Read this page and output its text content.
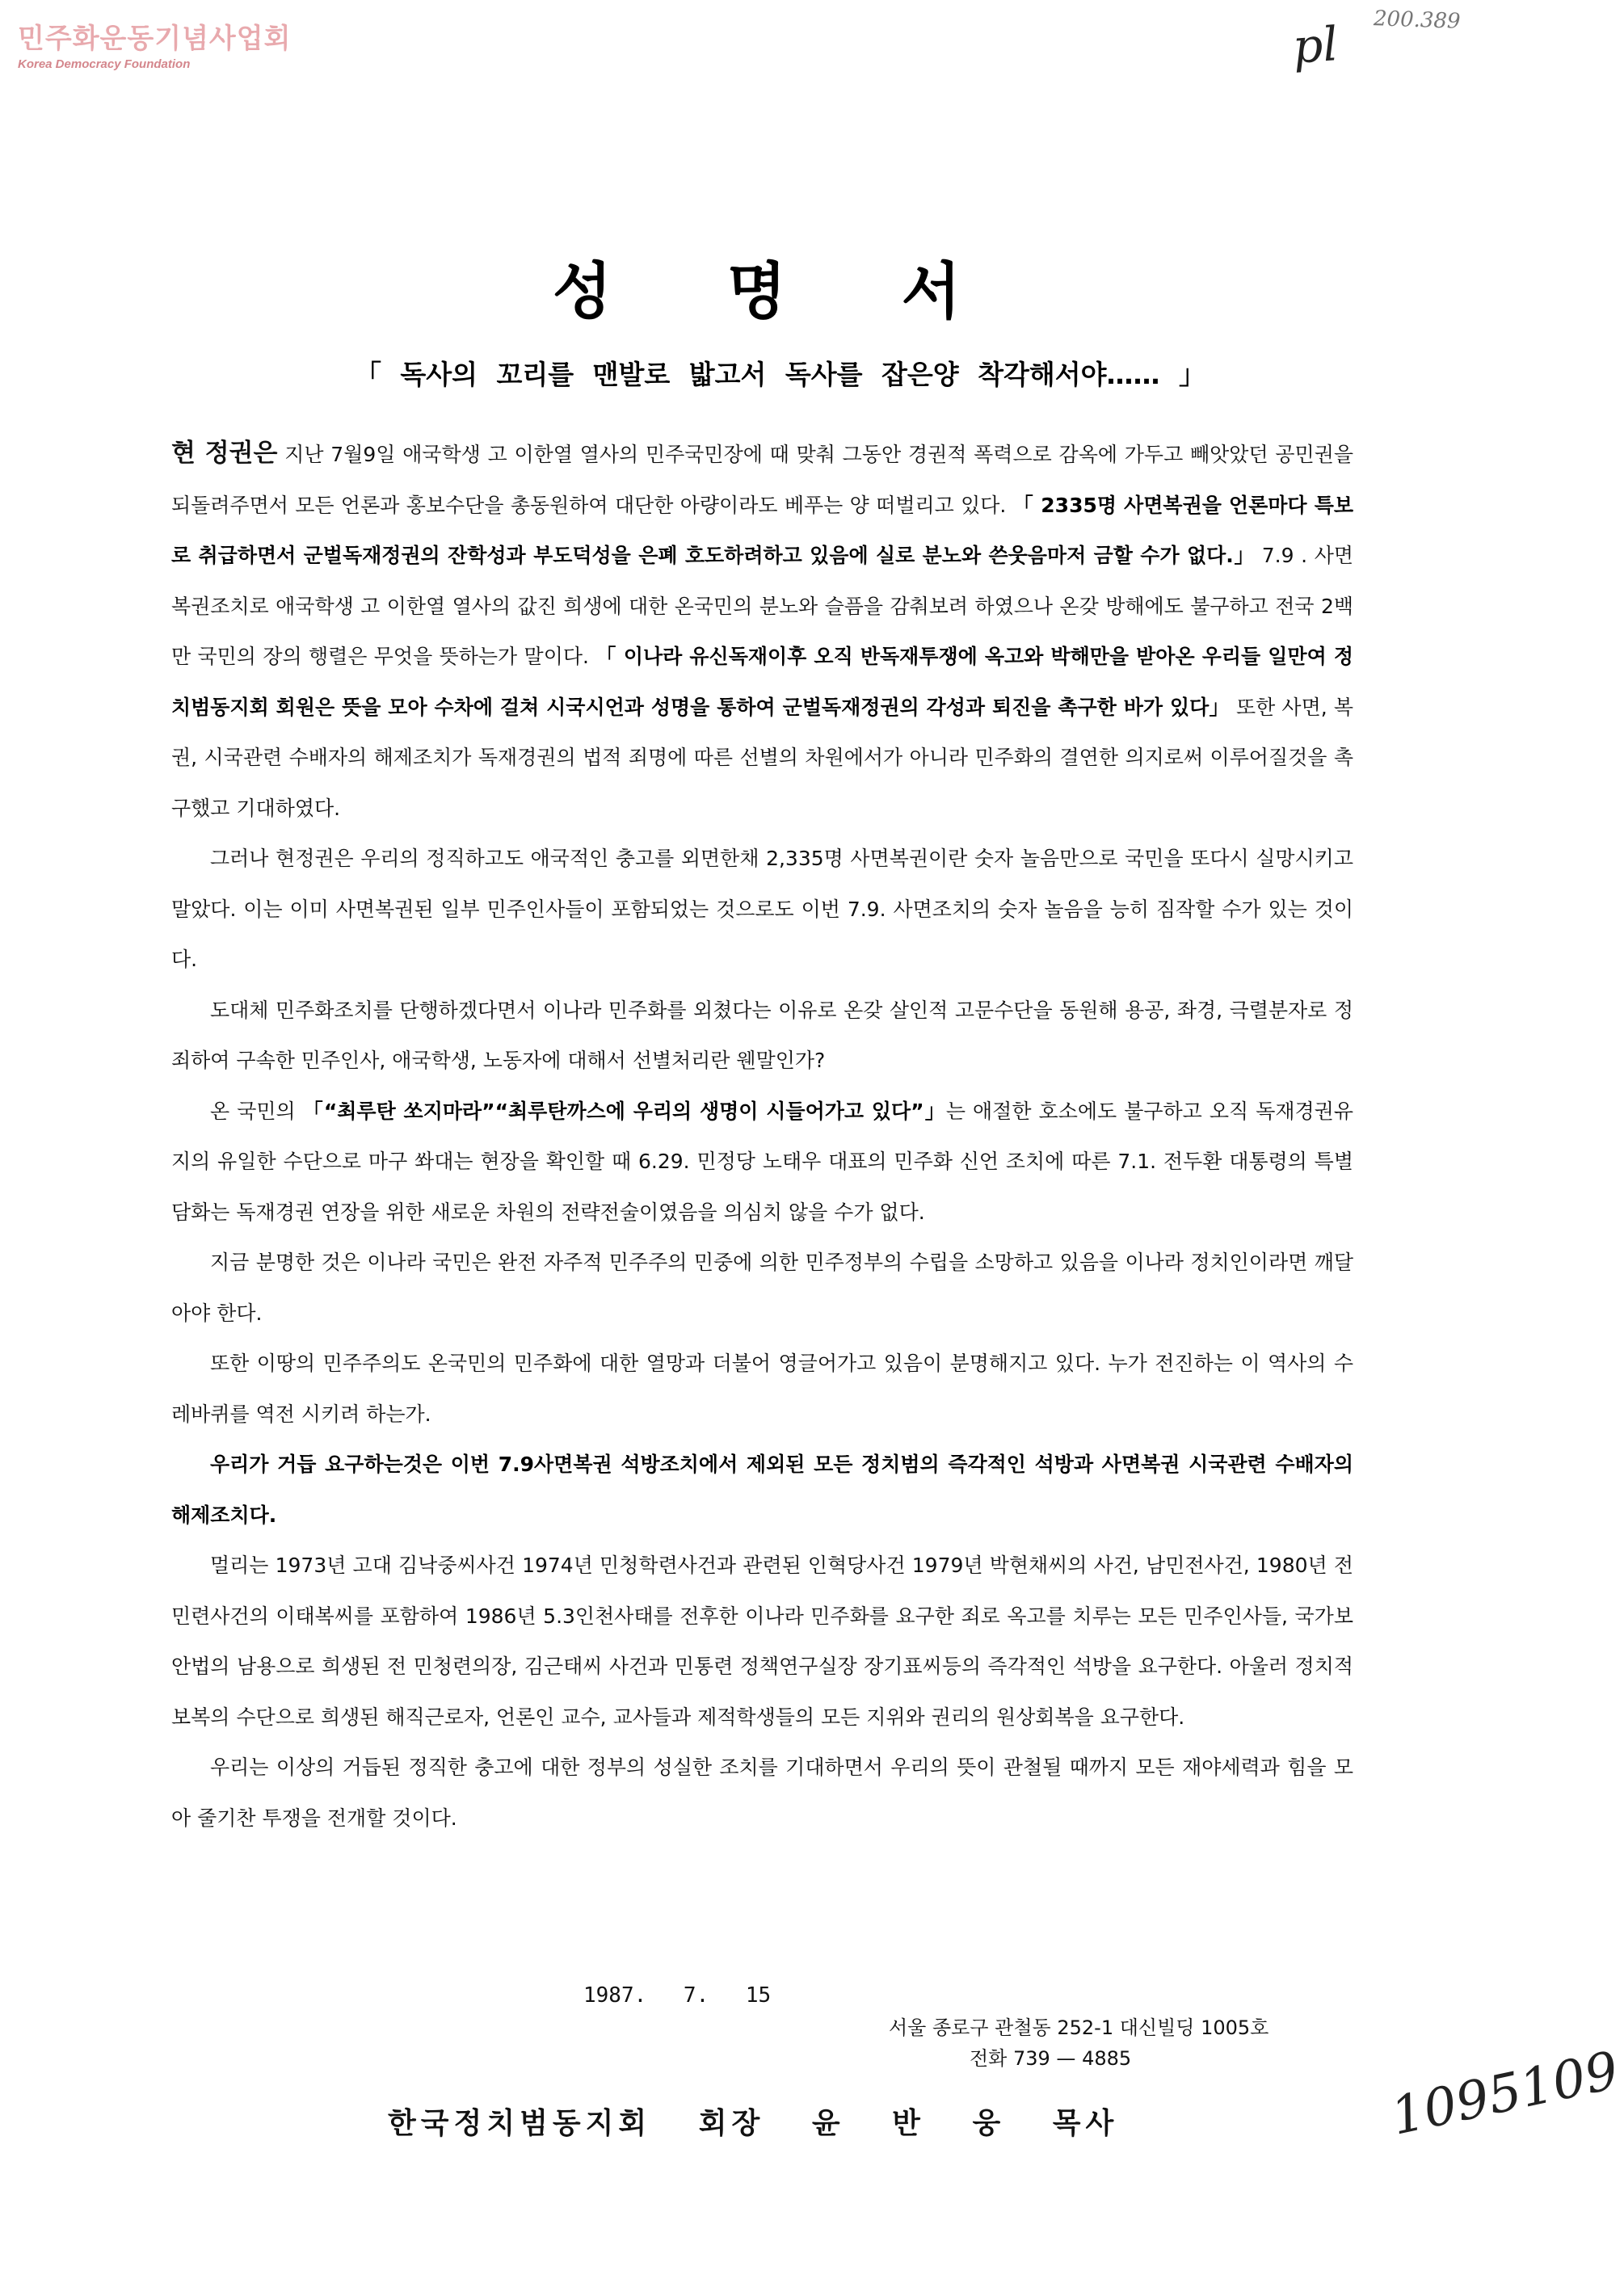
민주화운동기념사업회
Korea Democracy Foundation	pl 200.389
성 명 서
「 독사의 꼬리를 맨발로 밟고서 독사를 잡은양 착각해서야…… 」

현 정권은 지난 7월9일 애국학생 고 이한열 열사의 민주국민장에 때 맞춰 그동안 경권적 폭력으로 감옥에 가두고 빼앗았던 공민권을 되돌려주면서 모든 언론과 홍보수단을 총동원하여 대단한 아량이라도 베푸는 양 떠벌리고 있다. 「 2335명 사면복권을 언론마다 특보로 취급하면서 군벌독재정권의 잔학성과 부도덕성을 은폐 호도하려하고 있음에 실로 분노와 쓴웃음마저 금할 수가 없다.」 7.9 . 사면복권조치로 애국학생 고 이한열 열사의 값진 희생에 대한 온국민의 분노와 슬픔을 감춰보려 하였으나 온갖 방해에도 불구하고 전국 2백만 국민의 장의 행렬은 무엇을 뜻하는가 말이다. 「 이나라 유신독재이후 오직 반독재투쟁에 옥고와 박해만을 받아온 우리들 일만여 정치범동지회 회원은 뜻을 모아 수차에 걸쳐 시국시언과 성명을 통하여 군벌독재정권의 각성과 퇴진을 촉구한 바가 있다」 또한 사면, 복권, 시국관련 수배자의 해제조치가 독재경권의 법적 죄명에 따른 선별의 차원에서가 아니라 민주화의 결연한 의지로써 이루어질것을 촉구했고 기대하였다.

그러나 현정권은 우리의 정직하고도 애국적인 충고를 외면한채 2,335명 사면복권이란 숫자 놀음만으로 국민을 또다시 실망시키고 말았다. 이는 이미 사면복권된 일부 민주인사들이 포함되었는 것으로도 이번 7.9. 사면조치의 숫자 놀음을 능히 짐작할 수가 있는 것이다.

도대체 민주화조치를 단행하겠다면서 이나라 민주화를 외쳤다는 이유로 온갖 살인적 고문수단을 동원해 용공, 좌경, 극렬분자로 정죄하여 구속한 민주인사, 애국학생, 노동자에 대해서 선별처리란 웬말인가?

온 국민의 「“최루탄 쏘지마라”“최루탄까스에 우리의 생명이 시들어가고 있다”」는 애절한 호소에도 불구하고 오직 독재경권유지의 유일한 수단으로 마구 쏴대는 현장을 확인할 때 6.29. 민정당 노태우 대표의 민주화 신언 조치에 따른 7.1. 전두환 대통령의 특별담화는 독재경권 연장을 위한 새로운 차원의 전략전술이였음을 의심치 않을 수가 없다.

지금 분명한 것은 이나라 국민은 완전 자주적 민주주의 민중에 의한 민주정부의 수립을 소망하고 있음을 이나라 정치인이라면 깨달아야 한다.

또한 이땅의 민주주의도 온국민의 민주화에 대한 열망과 더불어 영글어가고 있음이 분명해지고 있다. 누가 전진하는 이 역사의 수레바퀴를 역전 시키려 하는가.

우리가 거듭 요구하는것은 이번 7.9사면복권 석방조치에서 제외된 모든 정치범의 즉각적인 석방과 사면복권 시국관련 수배자의 해제조치다.

멀리는 1973년 고대 김낙중씨사건 1974년 민청학련사건과 관련된 인혁당사건 1979년 박현채씨의 사건, 남민전사건, 1980년 전민련사건의 이태복씨를 포함하여 1986년 5.3인천사태를 전후한 이나라 민주화를 요구한 죄로 옥고를 치루는 모든 민주인사들, 국가보안법의 남용으로 희생된 전 민청련의장, 김근태씨 사건과 민통련 정책연구실장 장기표씨등의 즉각적인 석방을 요구한다. 아울러 정치적 보복의 수단으로 희생된 해직근로자, 언론인 교수, 교사들과 제적학생들의 모든 지위와 권리의 원상회복을 요구한다.

우리는 이상의 거듭된 정직한 충고에 대한 정부의 성실한 조치를 기대하면서 우리의 뜻이 관철될 때까지 모든 재야세력과 힘을 모아 줄기찬 투쟁을 전개할 것이다.

1987. 7. 15
서울 종로구 관철동 252-1 대신빌딩 1005호
전화 739 — 4885
한국정치범동지회 회장 윤 반 웅 목사	1095109
